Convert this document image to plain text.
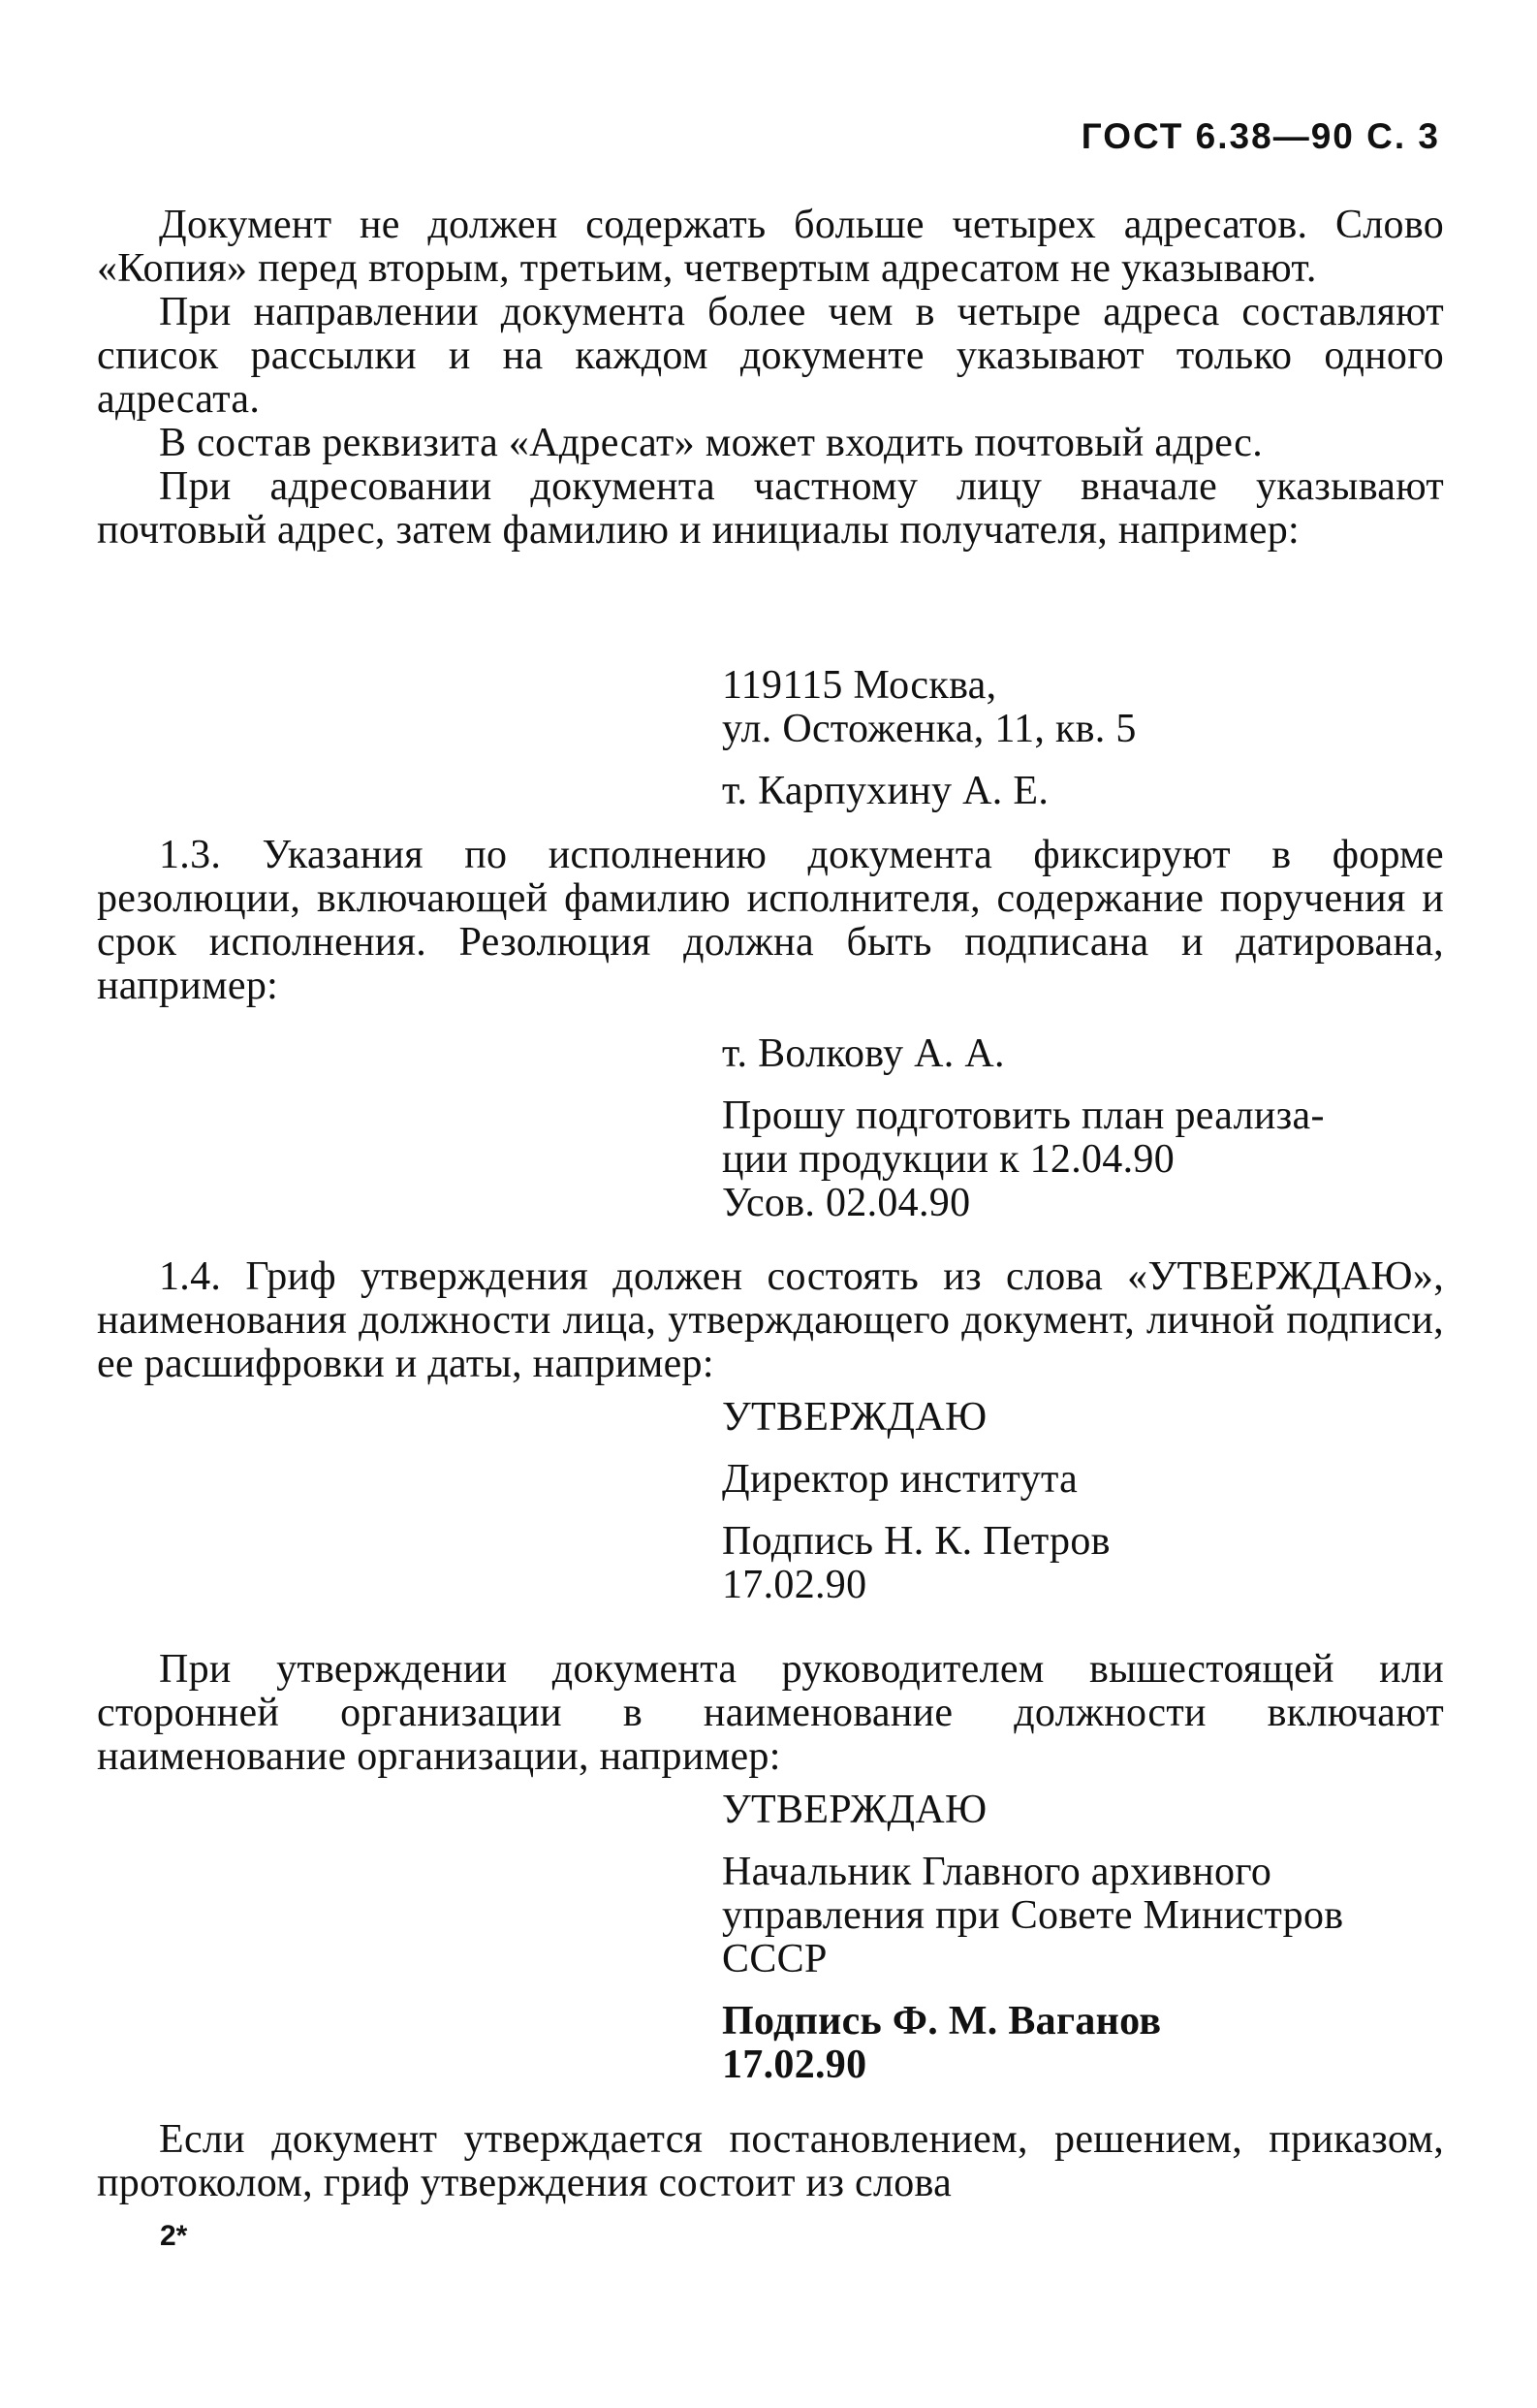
ГОСТ 6.38—90 С. 3

Документ не должен содержать больше четырех адресатов. Слово «Копия» перед вторым, третьим, четвертым адресатом не указывают.

При направлении документа более чем в четыре адреса составляют список рассылки и на каждом документе указывают только одного адресата.

В состав реквизита «Адресат» может входить почтовый адрес.

При адресовании документа частному лицу вначале указывают почтовый адрес, затем фамилию и инициалы получателя, например:

119115 Москва,
ул. Остоженка, 11, кв. 5
т. Карпухину А. Е.

1.3. Указания по исполнению документа фиксируют в форме резолюции, включающей фамилию исполнителя, содержание поручения и срок исполнения. Резолюция должна быть подписана и датирована, например:

т. Волкову А. А.
Прошу подготовить план реализа-
ции продукции к 12.04.90
Усов. 02.04.90

1.4. Гриф утверждения должен состоять из слова «УТВЕРЖДАЮ», наименования должности лица, утверждающего документ, личной подписи, ее расшифровки и даты, например:

УТВЕРЖДАЮ
Директор института
Подпись Н. К. Петров
17.02.90

При утверждении документа руководителем вышестоящей или сторонней организации в наименование должности включают наименование организации, например:

УТВЕРЖДАЮ
Начальник Главного архивного
управления при Совете Министров
СССР
Подпись Ф. М. Ваганов
17.02.90

Если документ утверждается постановлением, решением, приказом, протоколом, гриф утверждения состоит из слова

2*
